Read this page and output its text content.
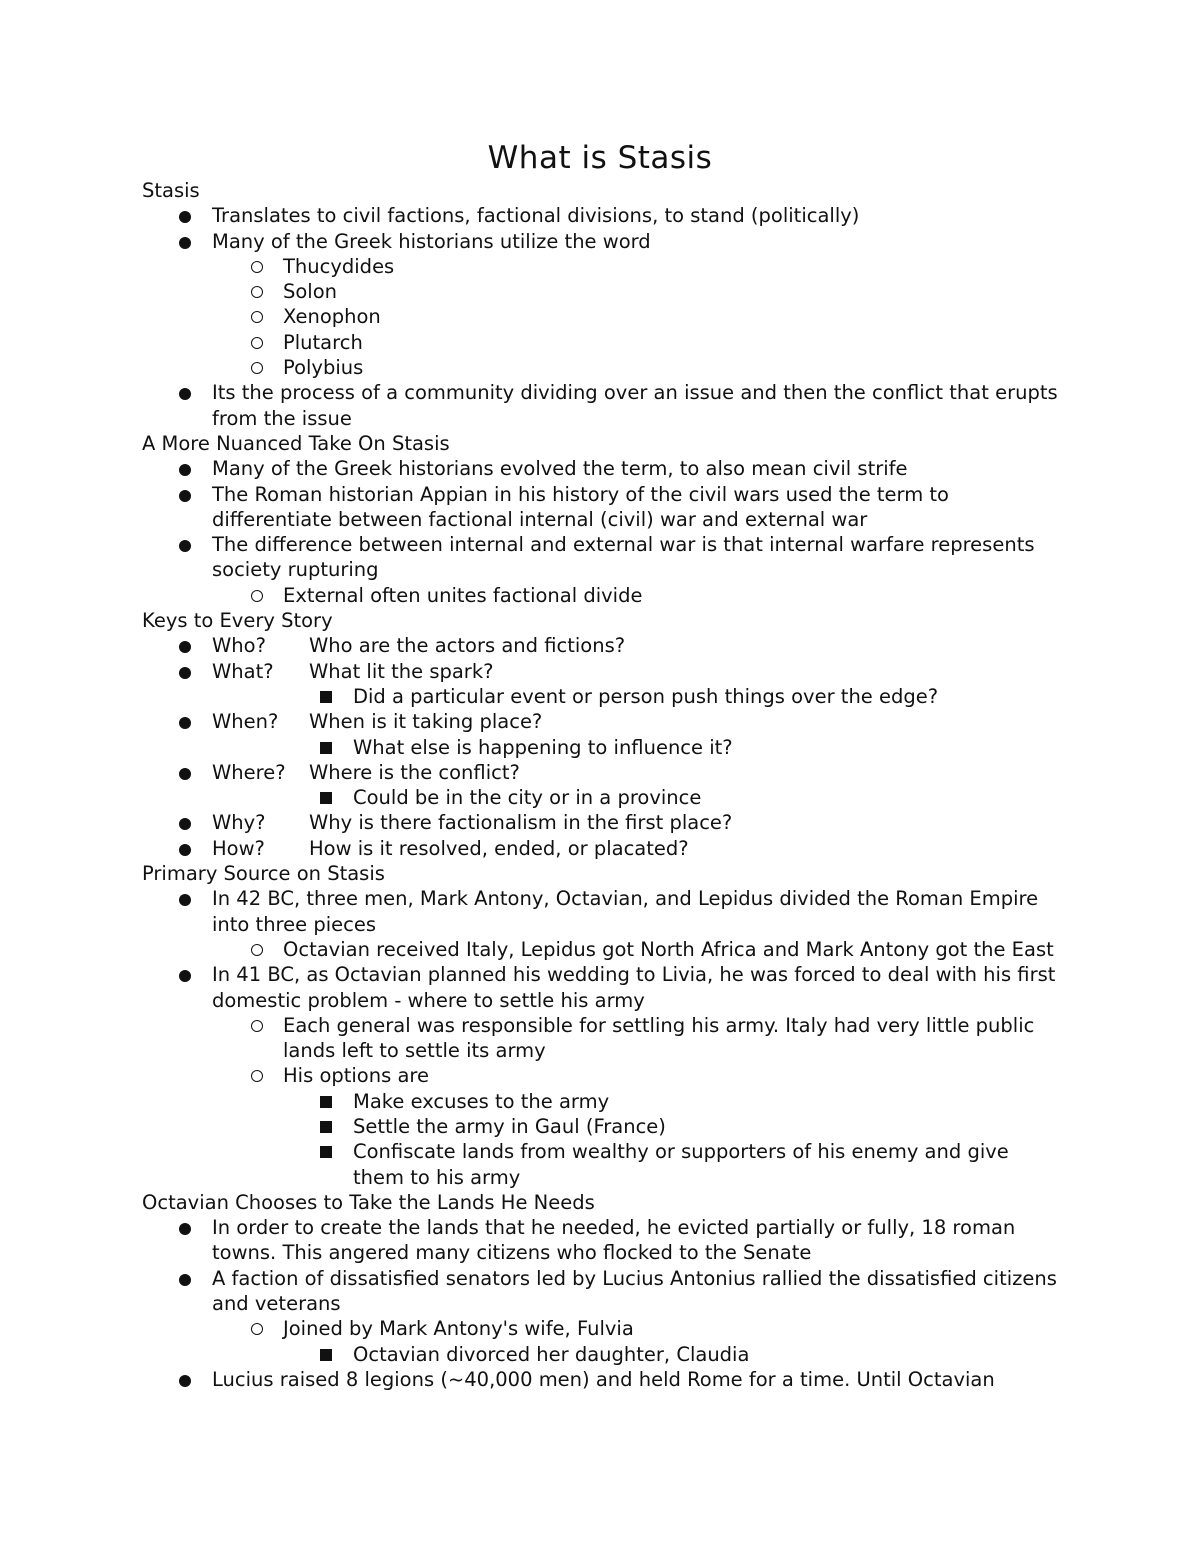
What is Stasis
Stasis
Translates to civil factions, factional divisions, to stand (politically)
Many of the Greek historians utilize the word
Thucydides
Solon
Xenophon
Plutarch
Polybius
Its the process of a community dividing over an issue and then the conflict that erupts from the issue
A More Nuanced Take On Stasis
Many of the Greek historians evolved the term, to also mean civil strife
The Roman historian Appian in his history of the civil wars used the term to differentiate between factional internal (civil) war and external war
The difference between internal and external war is that internal warfare represents society rupturing
External often unites factional divide
Keys to Every Story
Who?	Who are the actors and fictions?
What?	What lit the spark?
Did a particular event or person push things over the edge?
When?	When is it taking place?
What else is happening to influence it?
Where?	Where is the conflict?
Could be in the city or in a province
Why?	Why is there factionalism in the first place?
How?	How is it resolved, ended, or placated?
Primary Source on Stasis
In 42 BC, three men, Mark Antony, Octavian, and Lepidus divided the Roman Empire into three pieces
Octavian received Italy, Lepidus got North Africa and Mark Antony got the East
In 41 BC, as Octavian planned his wedding to Livia, he was forced to deal with his first domestic problem - where to settle his army
Each general was responsible for settling his army. Italy had very little public lands left to settle its army
His options are
Make excuses to the army
Settle the army in Gaul (France)
Confiscate lands from wealthy or supporters of his enemy and give them to his army
Octavian Chooses to Take the Lands He Needs
In order to create the lands that he needed, he evicted partially or fully, 18 roman towns. This angered many citizens who flocked to the Senate
A faction of dissatisfied senators led by Lucius Antonius rallied the dissatisfied citizens and veterans
Joined by Mark Antony's wife, Fulvia
Octavian divorced her daughter, Claudia
Lucius raised 8 legions (~40,000 men) and held Rome for a time. Until Octavian
